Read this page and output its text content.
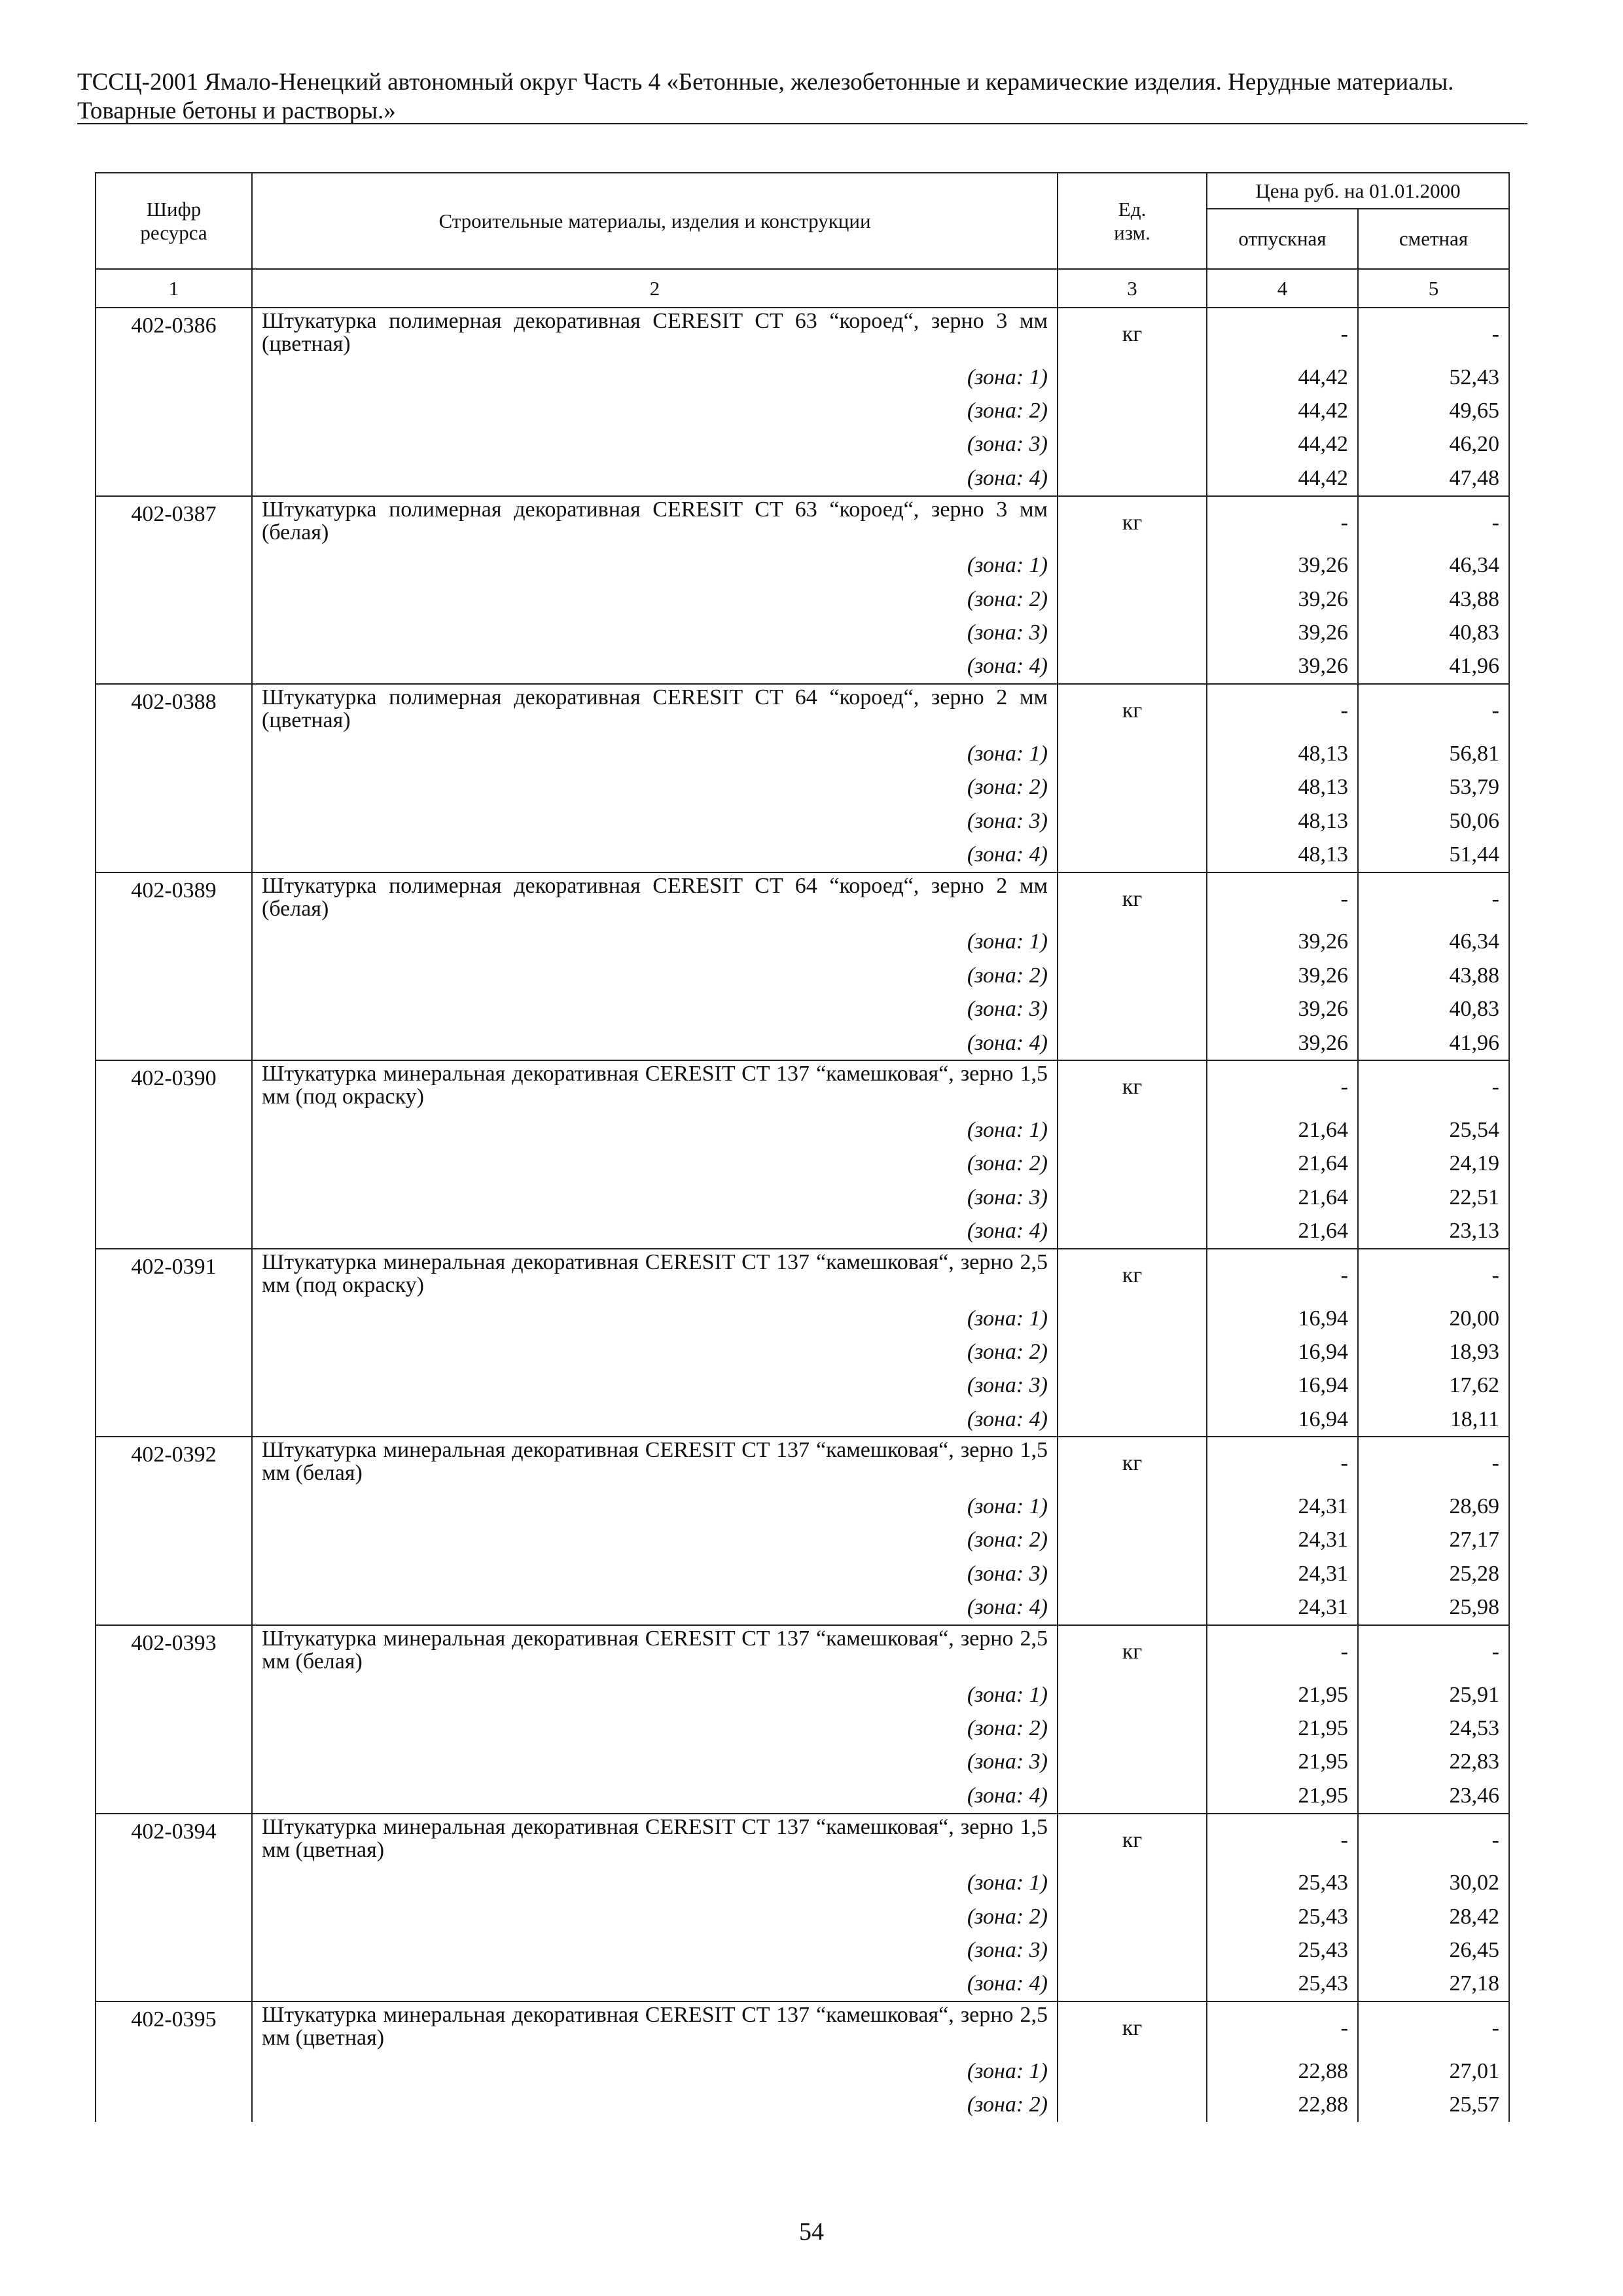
ТССЦ-2001 Ямало-Ненецкий автономный округ Часть 4 «Бетонные, железобетонные и керамические изделия. Нерудные материалы.
Товарные бетоны и растворы.»
Шифр ресурса	Строительные материалы, изделия и конструкции	Ед. изм.	Цена руб. на 01.01.2000	
			отпускная	сметная
1	2	3	4	5
402-0386	Штукатурка полимерная декоративная CERESIT CT 63 “короед“, зерно 3 мм (цветная)	кг	-	-
	(зона: 1)		44,42	52,43
	(зона: 2)		44,42	49,65
	(зона: 3)		44,42	46,20
	(зона: 4)		44,42	47,48
402-0387	Штукатурка полимерная декоративная CERESIT CT 63 “короед“, зерно 3 мм (белая)	кг	-	-
	(зона: 1)		39,26	46,34
	(зона: 2)		39,26	43,88
	(зона: 3)		39,26	40,83
	(зона: 4)		39,26	41,96
402-0388	Штукатурка полимерная декоративная CERESIT CT 64 “короед“, зерно 2 мм (цветная)	кг	-	-
	(зона: 1)		48,13	56,81
	(зона: 2)		48,13	53,79
	(зона: 3)		48,13	50,06
	(зона: 4)		48,13	51,44
402-0389	Штукатурка полимерная декоративная CERESIT CT 64 “короед“, зерно 2 мм (белая)	кг	-	-
	(зона: 1)		39,26	46,34
	(зона: 2)		39,26	43,88
	(зона: 3)		39,26	40,83
	(зона: 4)		39,26	41,96
402-0390	Штукатурка минеральная декоративная CERESIT CT 137 “камешковая“, зерно 1,5 мм (под окраску)	кг	-	-
	(зона: 1)		21,64	25,54
	(зона: 2)		21,64	24,19
	(зона: 3)		21,64	22,51
	(зона: 4)		21,64	23,13
402-0391	Штукатурка минеральная декоративная CERESIT CT 137 “камешковая“, зерно 2,5 мм (под окраску)	кг	-	-
	(зона: 1)		16,94	20,00
	(зона: 2)		16,94	18,93
	(зона: 3)		16,94	17,62
	(зона: 4)		16,94	18,11
402-0392	Штукатурка минеральная декоративная CERESIT CT 137 “камешковая“, зерно 1,5 мм (белая)	кг	-	-
	(зона: 1)		24,31	28,69
	(зона: 2)		24,31	27,17
	(зона: 3)		24,31	25,28
	(зона: 4)		24,31	25,98
402-0393	Штукатурка минеральная декоративная CERESIT CT 137 “камешковая“, зерно 2,5 мм (белая)	кг	-	-
	(зона: 1)		21,95	25,91
	(зона: 2)		21,95	24,53
	(зона: 3)		21,95	22,83
	(зона: 4)		21,95	23,46
402-0394	Штукатурка минеральная декоративная CERESIT CT 137 “камешковая“, зерно 1,5 мм (цветная)	кг	-	-
	(зона: 1)		25,43	30,02
	(зона: 2)		25,43	28,42
	(зона: 3)		25,43	26,45
	(зона: 4)		25,43	27,18
402-0395	Штукатурка минеральная декоративная CERESIT CT 137 “камешковая“, зерно 2,5 мм (цветная)	кг	-	-
	(зона: 1)		22,88	27,01
	(зона: 2)		22,88	25,57
54
